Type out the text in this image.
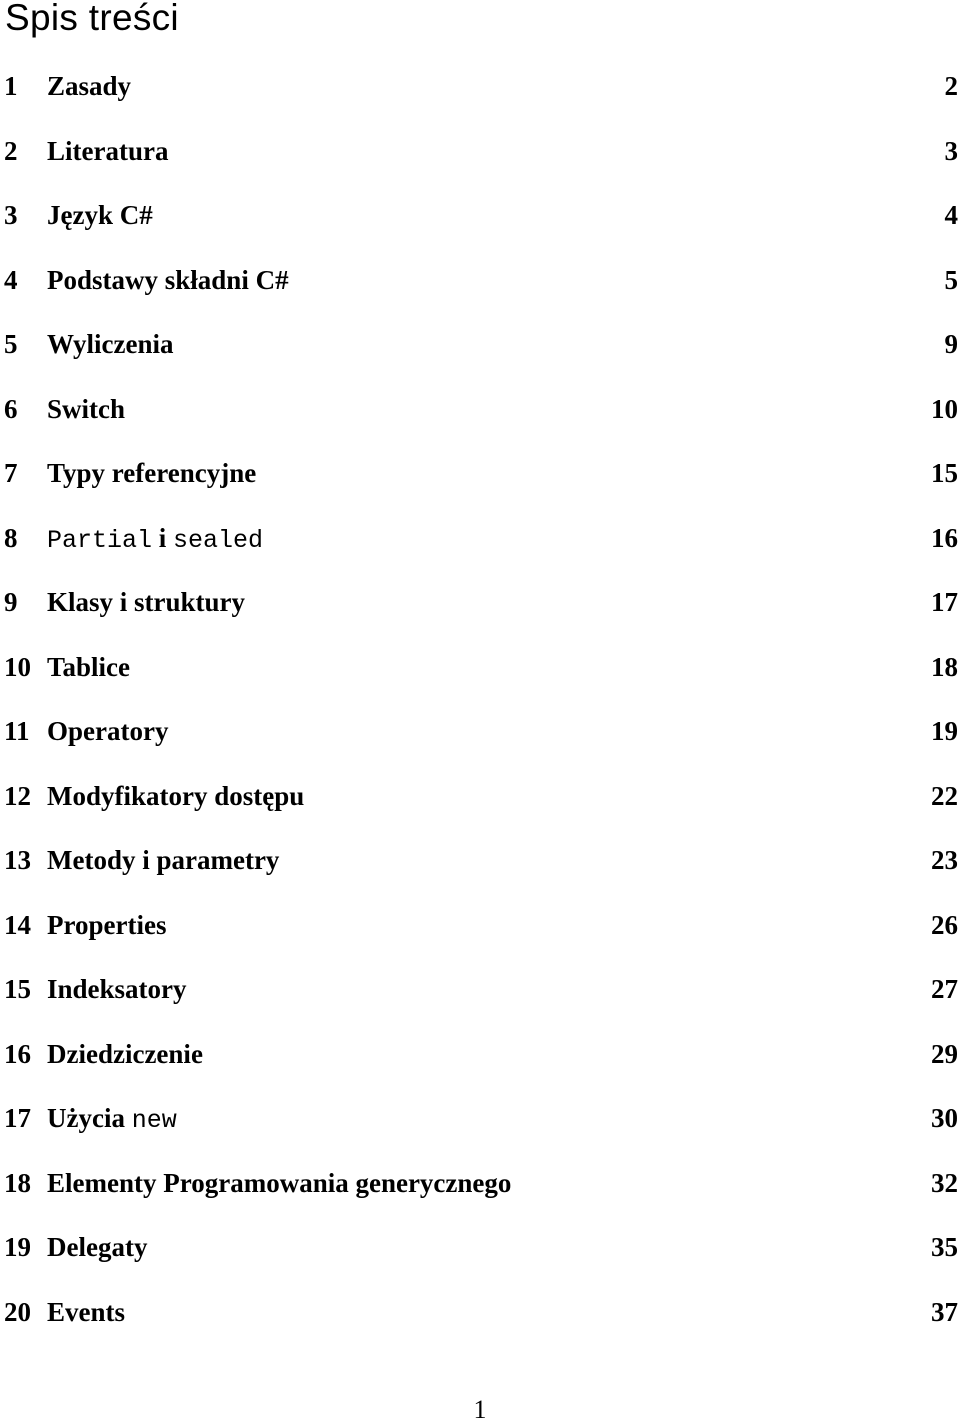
Spis treści
1 Zasady	2
2 Literatura	3
3 Język C#	4
4 Podstawy składni C#	5
5 Wyliczenia	9
6 Switch	10
7 Typy referencyjne	15
8 Partial i sealed	16
9 Klasy i struktury	17
10 Tablice	18
11 Operatory	19
12 Modyfikatory dostępu	22
13 Metody i parametry	23
14 Properties	26
15 Indeksatory	27
16 Dziedziczenie	29
17 Użycia new	30
18 Elementy Programowania generycznego	32
19 Delegaty	35
20 Events	37
1
